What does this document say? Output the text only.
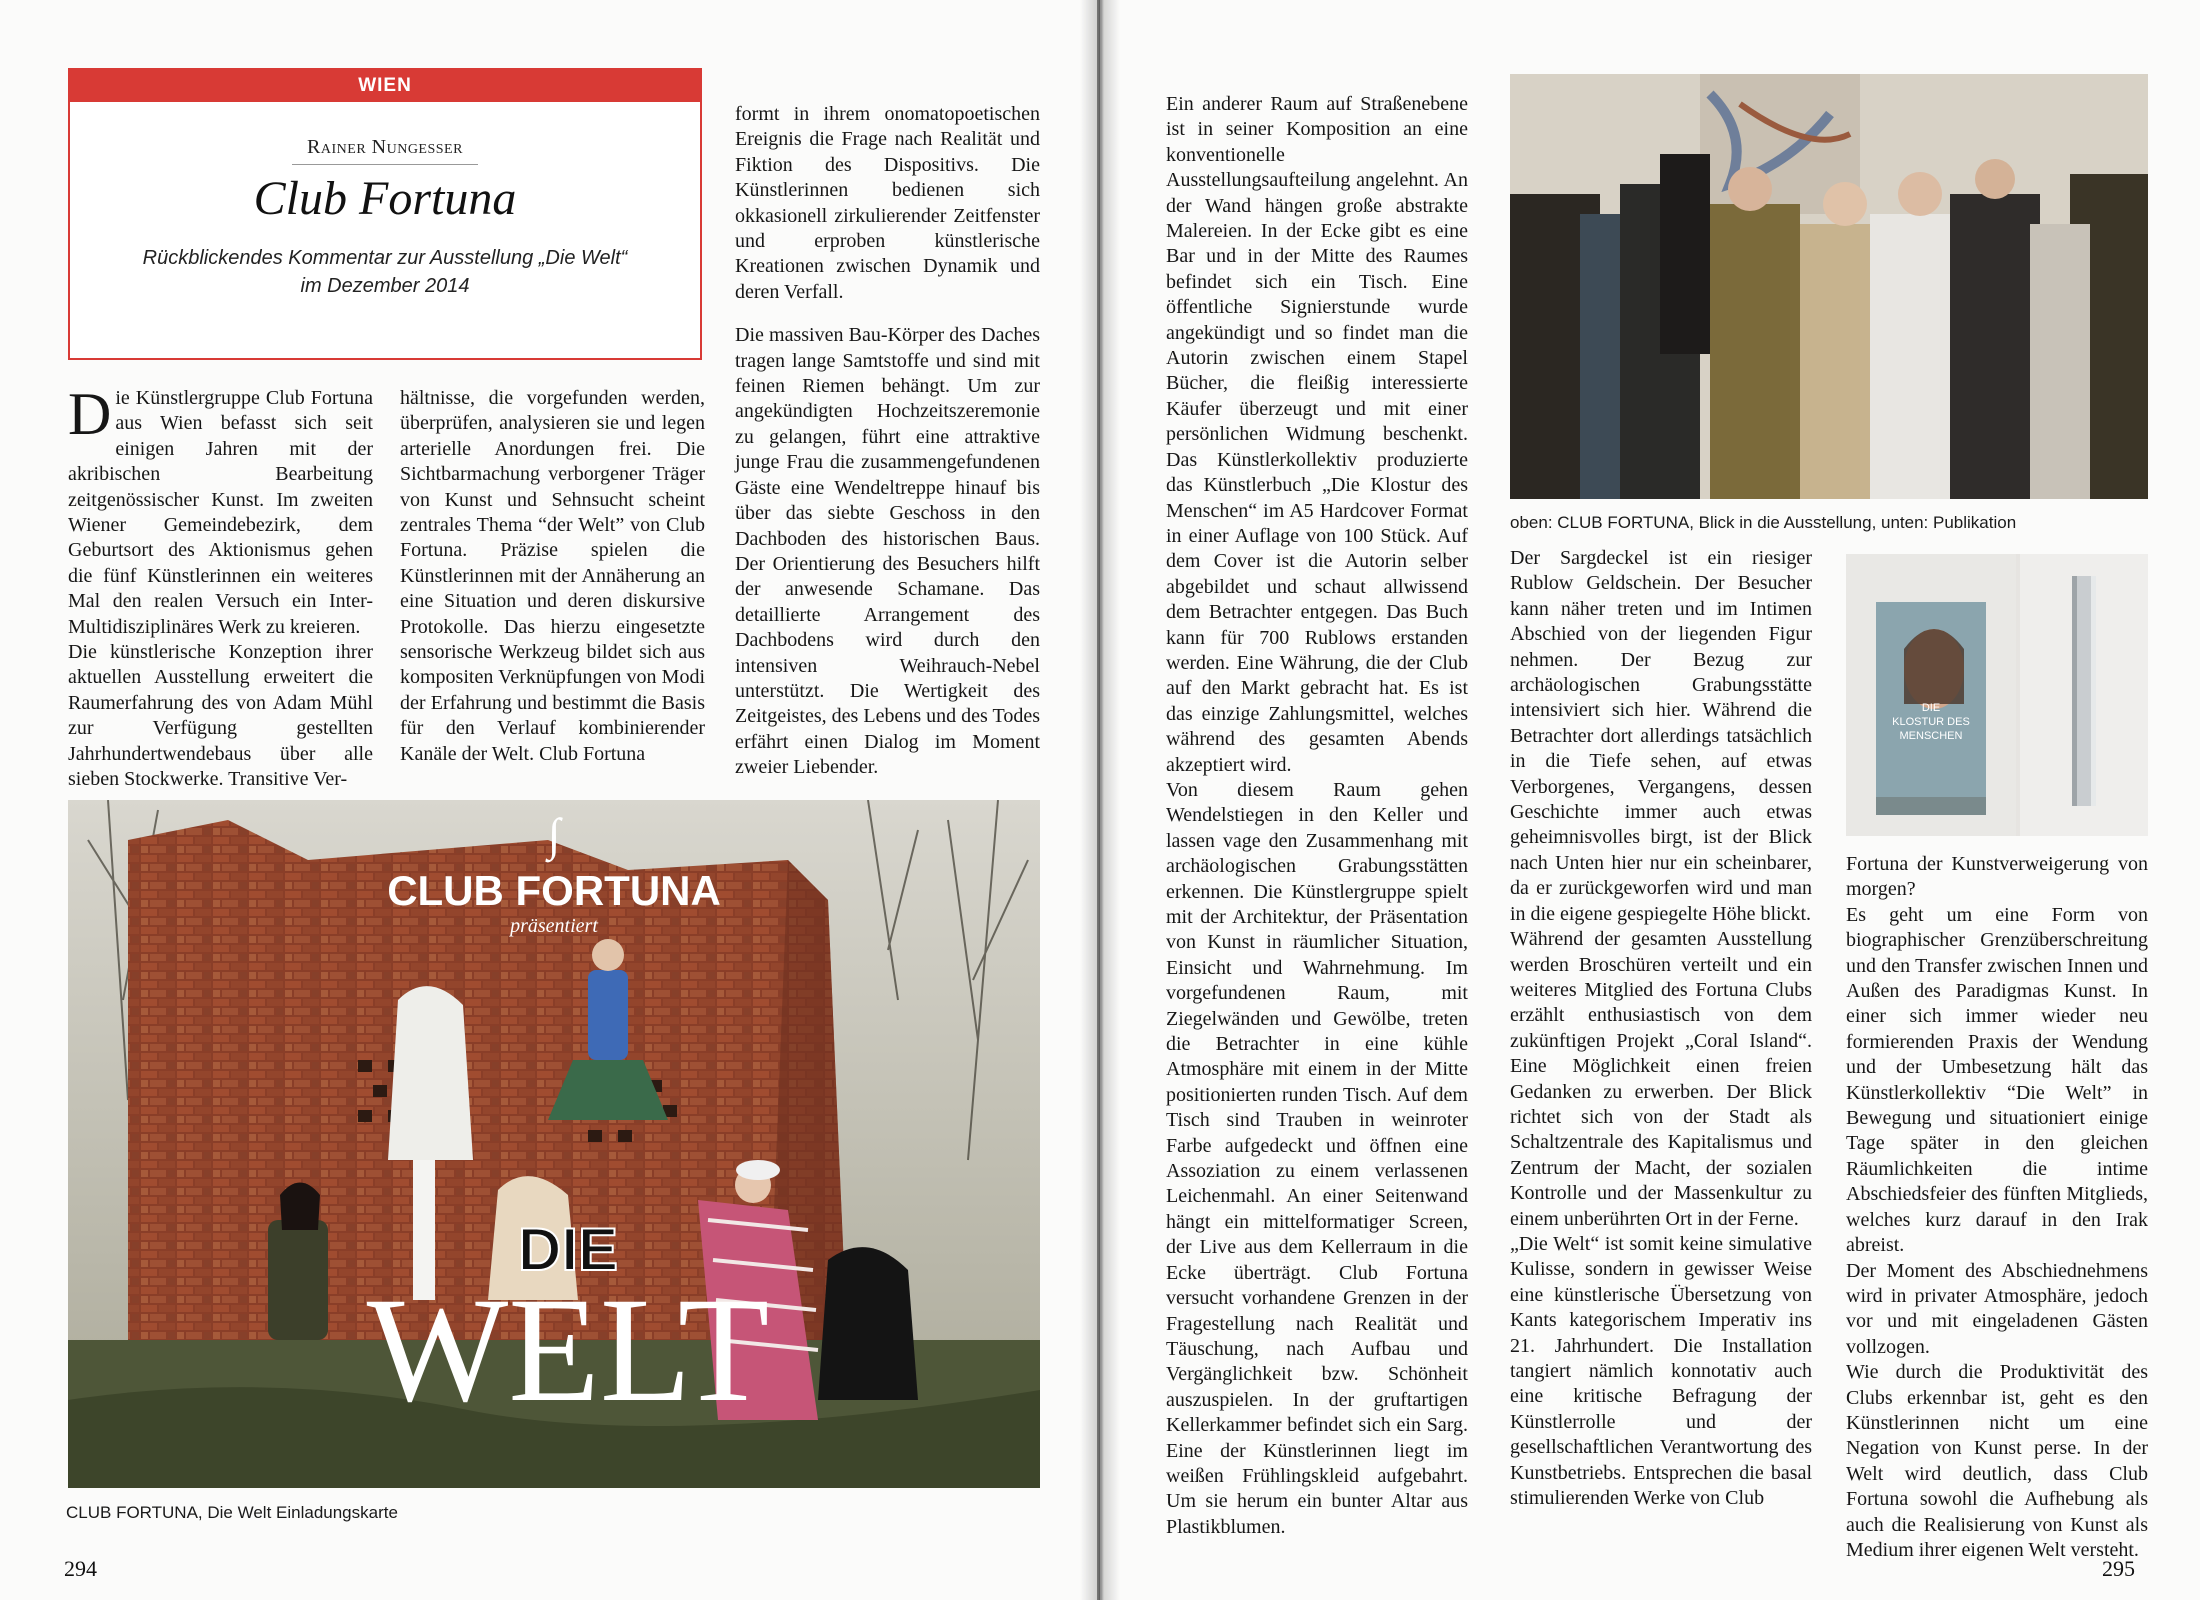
WIEN
Rainer Nungesser
Club Fortuna
Rückblickendes Kommentar zur Ausstellung „Die Welt“
im Dezember 2014

Die Künstlergruppe Club Fortuna aus Wien befasst sich seit einigen Jahren mit der akribischen Bearbeitung zeitgenössischer Kunst. Im zweiten Wiener Gemeindebezirk, dem Geburtsort des Aktionismus gehen die fünf Künstlerinnen ein weiteres Mal den realen Versuch ein Inter-Multidisziplinäres Werk zu kreieren.

Die künstlerische Konzeption ihrer aktuellen Ausstellung erweitert die Raumerfahrung des von Adam Mühl zur Verfügung gestellten Jahrhundertwendebaus über alle sieben Stockwerke. Transitive Ver-

hältnisse, die vorgefunden werden, überprüfen, analysieren sie und legen arterielle Anordungen frei. Die Sichtbarmachung verborgener Träger von Kunst und Sehnsucht scheint zentrales Thema “der Welt” von Club Fortuna. Präzise spielen die Künstlerinnen mit der Annäherung an eine Situation und deren diskursive Protokolle. Das hierzu eingesetzte sensorische Werkzeug bildet sich aus kompositen Verknüpfungen von Modi der Erfahrung und bestimmt die Basis für den Verlauf kombinierender Kanäle der Welt. Club Fortuna

formt in ihrem onomatopoetischen Ereignis die Frage nach Realität und Fiktion des Dispositivs. Die Künstlerinnen bedienen sich okkasionell zirkulierender Zeitfenster und erproben künstlerische Kreationen zwischen Dynamik und deren Verfall.

Die massiven Bau-Körper des Daches tragen lange Samtstoffe und sind mit feinen Riemen behängt. Um zur angekündigten Hochzeitszeremonie zu gelangen, führt eine attraktive junge Frau die zusammengefundenen Gäste eine Wendeltreppe hinauf bis über das siebte Geschoss in den Dachboden des historischen Baus. Der Orientierung des Besuchers hilft der anwesende Schamane. Das detaillierte Arrangement des Dachbodens wird durch den intensiven Weihrauch-Nebel unterstützt. Die Wertigkeit des Zeitgeistes, des Lebens und des Todes erfährt einen Dialog im Moment zweier Liebender.

∫
CLUB FORTUNA
präsentiert
DIE
WELT
CLUB FORTUNA, Die Welt Einladungskarte
294

Ein anderer Raum auf Straßenebene ist in seiner Komposition an eine konventionelle Ausstellungsaufteilung angelehnt. An der Wand hängen große abstrakte Malereien. In der Ecke gibt es eine Bar und in der Mitte des Raumes befindet sich ein Tisch. Eine öffentliche Signierstunde wurde angekündigt und so findet man die Autorin zwischen einem Stapel Bücher, die fleißig interessierte Käufer überzeugt und mit einer persönlichen Widmung beschenkt. Das Künstlerkollektiv produzierte das Künstlerbuch „Die Klostur des Menschen“ im A5 Hardcover Format in einer Auflage von 100 Stück. Auf dem Cover ist die Autorin selber abgebildet und schaut allwissend dem Betrachter entgegen. Das Buch kann für 700 Rublows erstanden werden. Eine Währung, die der Club auf den Markt gebracht hat. Es ist das einzige Zahlungsmittel, welches während des gesamten Abends akzeptiert wird.

Von diesem Raum gehen Wendelstiegen in den Keller und lassen vage den Zusammenhang mit archäologischen Grabungsstätten erkennen. Die Künstlergruppe spielt mit der Architektur, der Präsentation von Kunst in räumlicher Situation, Einsicht und Wahrnehmung. Im vorgefundenen Raum, mit Ziegelwänden und Gewölbe, treten die Betrachter in eine kühle Atmosphäre mit einem in der Mitte positionierten runden Tisch. Auf dem Tisch sind Trauben in weinroter Farbe aufgedeckt und öffnen eine Assoziation zu einem verlassenen Leichenmahl. An einer Seitenwand hängt ein mittelformatiger Screen, der Live aus dem Kellerraum in die Ecke überträgt. Club Fortuna versucht vorhandene Grenzen in der Fragestellung nach Realität und Täuschung, nach Aufbau und Vergänglichkeit bzw. Schönheit auszuspielen. In der gruftartigen Kellerkammer befindet sich ein Sarg. Eine der Künstlerinnen liegt im weißen Frühlingskleid aufgebahrt. Um sie herum ein bunter Altar aus Plastikblumen.

Der Sargdeckel ist ein riesiger Rublow Geldschein. Der Besucher kann näher treten und im Intimen Abschied von der liegenden Figur nehmen. Der Bezug zur archäologischen Grabungsstätte intensiviert sich hier. Während die Betrachter dort allerdings tatsächlich in die Tiefe sehen, auf etwas Verborgenes, Vergangens, dessen Geschichte immer auch etwas geheimnisvolles birgt, ist der Blick nach Unten hier nur ein scheinbarer, da er zurückgeworfen wird und man in die eigene gespiegelte Höhe blickt.

Während der gesamten Ausstellung werden Broschüren verteilt und ein weiteres Mitglied des Fortuna Clubs erzählt enthusiastisch von dem zukünftigen Projekt „Coral Island“. Eine Möglichkeit einen freien Gedanken zu erwerben. Der Blick richtet sich von der Stadt als Schaltzentrale des Kapitalismus und Zentrum der Macht, der sozialen Kontrolle und der Massenkultur zu einem unberührten Ort in der Ferne.

„Die Welt“ ist somit keine simulative Kulisse, sondern in gewisser Weise eine künstlerische Übersetzung von Kants kategorischem Imperativ ins 21. Jahrhundert. Die Installation tangiert nämlich konnotativ auch eine kritische Befragung der Künstlerrolle und der gesellschaftlichen Verantwortung des Kunstbetriebs. Entsprechen die basal stimulierenden Werke von Club

Fortuna der Kunstverweigerung von morgen?

Es geht um eine Form von biographischer Grenzüberschreitung und den Transfer zwischen Innen und Außen des Paradigmas Kunst. In einer sich immer wieder neu formierenden Praxis der Wendung und der Umbesetzung hält das Künstlerkollektiv “Die Welt” in Bewegung und situationiert einige Tage später in den gleichen Räumlichkeiten die intime Abschiedsfeier des fünften Mitglieds, welches kurz darauf in den Irak abreist.

Der Moment des Abschiednehmens wird in privater Atmosphäre, jedoch vor und mit eingeladenen Gästen vollzogen.

Wie durch die Produktivität des Clubs erkennbar ist, geht es den Künstlerinnen nicht um eine Negation von Kunst perse. In der Welt wird deutlich, dass Club Fortuna sowohl die Aufhebung als auch die Realisierung von Kunst als Medium ihrer eigenen Welt versteht.

oben: CLUB FORTUNA, Blick in die Ausstellung, unten: Publikation
DIE
KLOSTUR DES
MENSCHEN
295
